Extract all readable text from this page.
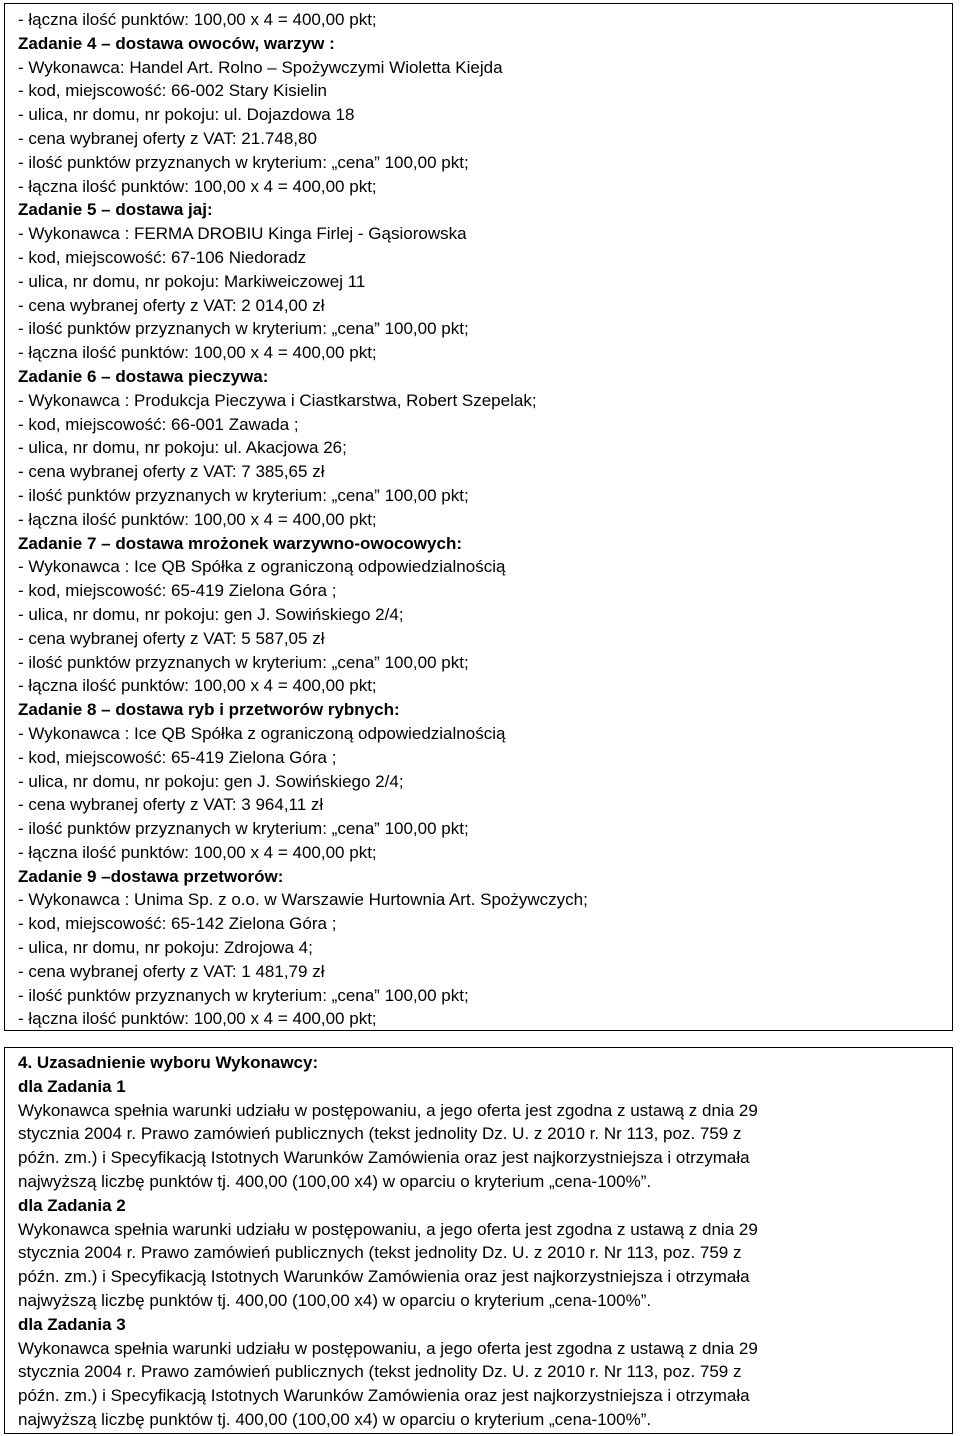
- łączna ilość punktów: 100,00 x 4 = 400,00 pkt;
Zadanie 4 – dostawa owoców, warzyw :
- Wykonawca: Handel Art. Rolno – Spożywczymi Wioletta Kiejda
- kod, miejscowość: 66-002 Stary Kisielin
- ulica, nr domu, nr pokoju: ul. Dojazdowa 18
- cena wybranej oferty z VAT: 21.748,80
- ilość punktów przyznanych w kryterium: „cena” 100,00 pkt;
- łączna ilość punktów: 100,00 x 4 = 400,00 pkt;
Zadanie 5 – dostawa jaj:
- Wykonawca : FERMA DROBIU Kinga Firlej - Gąsiorowska
- kod, miejscowość: 67-106 Niedoradz
- ulica, nr domu, nr pokoju: Markiweiczowej 11
- cena wybranej oferty z VAT: 2 014,00 zł
- ilość punktów przyznanych w kryterium: „cena” 100,00 pkt;
- łączna ilość punktów: 100,00 x 4 = 400,00 pkt;
Zadanie 6 – dostawa pieczywa:
- Wykonawca : Produkcja Pieczywa i Ciastkarstwa, Robert Szepelak;
- kod, miejscowość: 66-001 Zawada ;
- ulica, nr domu, nr pokoju: ul. Akacjowa 26;
- cena wybranej oferty z VAT: 7 385,65 zł
- ilość punktów przyznanych w kryterium: „cena” 100,00 pkt;
- łączna ilość punktów: 100,00 x 4 = 400,00 pkt;
Zadanie 7 – dostawa mrożonek warzywno-owocowych:
- Wykonawca : Ice QB Spółka z ograniczoną odpowiedzialnością
- kod, miejscowość: 65-419 Zielona Góra ;
- ulica, nr domu, nr pokoju: gen J. Sowińskiego 2/4;
- cena wybranej oferty z VAT: 5 587,05 zł
- ilość punktów przyznanych w kryterium: „cena” 100,00 pkt;
- łączna ilość punktów: 100,00 x 4 = 400,00 pkt;
Zadanie 8 – dostawa ryb i przetworów rybnych:
- Wykonawca : Ice QB Spółka z ograniczoną odpowiedzialnością
- kod, miejscowość: 65-419 Zielona Góra ;
- ulica, nr domu, nr pokoju: gen J. Sowińskiego 2/4;
- cena wybranej oferty z VAT: 3 964,11 zł
- ilość punktów przyznanych w kryterium: „cena” 100,00 pkt;
- łączna ilość punktów: 100,00 x 4 = 400,00 pkt;
Zadanie 9 –dostawa przetworów:
- Wykonawca : Unima Sp. z o.o. w Warszawie Hurtownia Art. Spożywczych;
- kod, miejscowość: 65-142 Zielona Góra ;
- ulica, nr domu, nr pokoju: Zdrojowa 4;
- cena wybranej oferty z VAT: 1 481,79 zł
- ilość punktów przyznanych w kryterium: „cena” 100,00 pkt;
- łączna ilość punktów: 100,00 x 4 = 400,00 pkt;
4. Uzasadnienie wyboru Wykonawcy:
dla Zadania 1
Wykonawca spełnia warunki udziału w postępowaniu, a jego oferta jest zgodna z ustawą z dnia 29
stycznia 2004 r. Prawo zamówień publicznych (tekst jednolity Dz. U. z 2010 r. Nr 113, poz. 759 z
późn. zm.) i Specyfikacją Istotnych Warunków Zamówienia oraz jest najkorzystniejsza i otrzymała
najwyższą liczbę punktów tj. 400,00 (100,00 x4) w oparciu o kryterium „cena-100%”.
dla Zadania 2
Wykonawca spełnia warunki udziału w postępowaniu, a jego oferta jest zgodna z ustawą z dnia 29
stycznia 2004 r. Prawo zamówień publicznych (tekst jednolity Dz. U. z 2010 r. Nr 113, poz. 759 z
późn. zm.) i Specyfikacją Istotnych Warunków Zamówienia oraz jest najkorzystniejsza i otrzymała
najwyższą liczbę punktów tj. 400,00 (100,00 x4) w oparciu o kryterium „cena-100%”.
dla Zadania 3
Wykonawca spełnia warunki udziału w postępowaniu, a jego oferta jest zgodna z ustawą z dnia 29
stycznia 2004 r. Prawo zamówień publicznych (tekst jednolity Dz. U. z 2010 r. Nr 113, poz. 759 z
późn. zm.) i Specyfikacją Istotnych Warunków Zamówienia oraz jest najkorzystniejsza i otrzymała
najwyższą liczbę punktów tj. 400,00 (100,00 x4) w oparciu o kryterium „cena-100%”.
